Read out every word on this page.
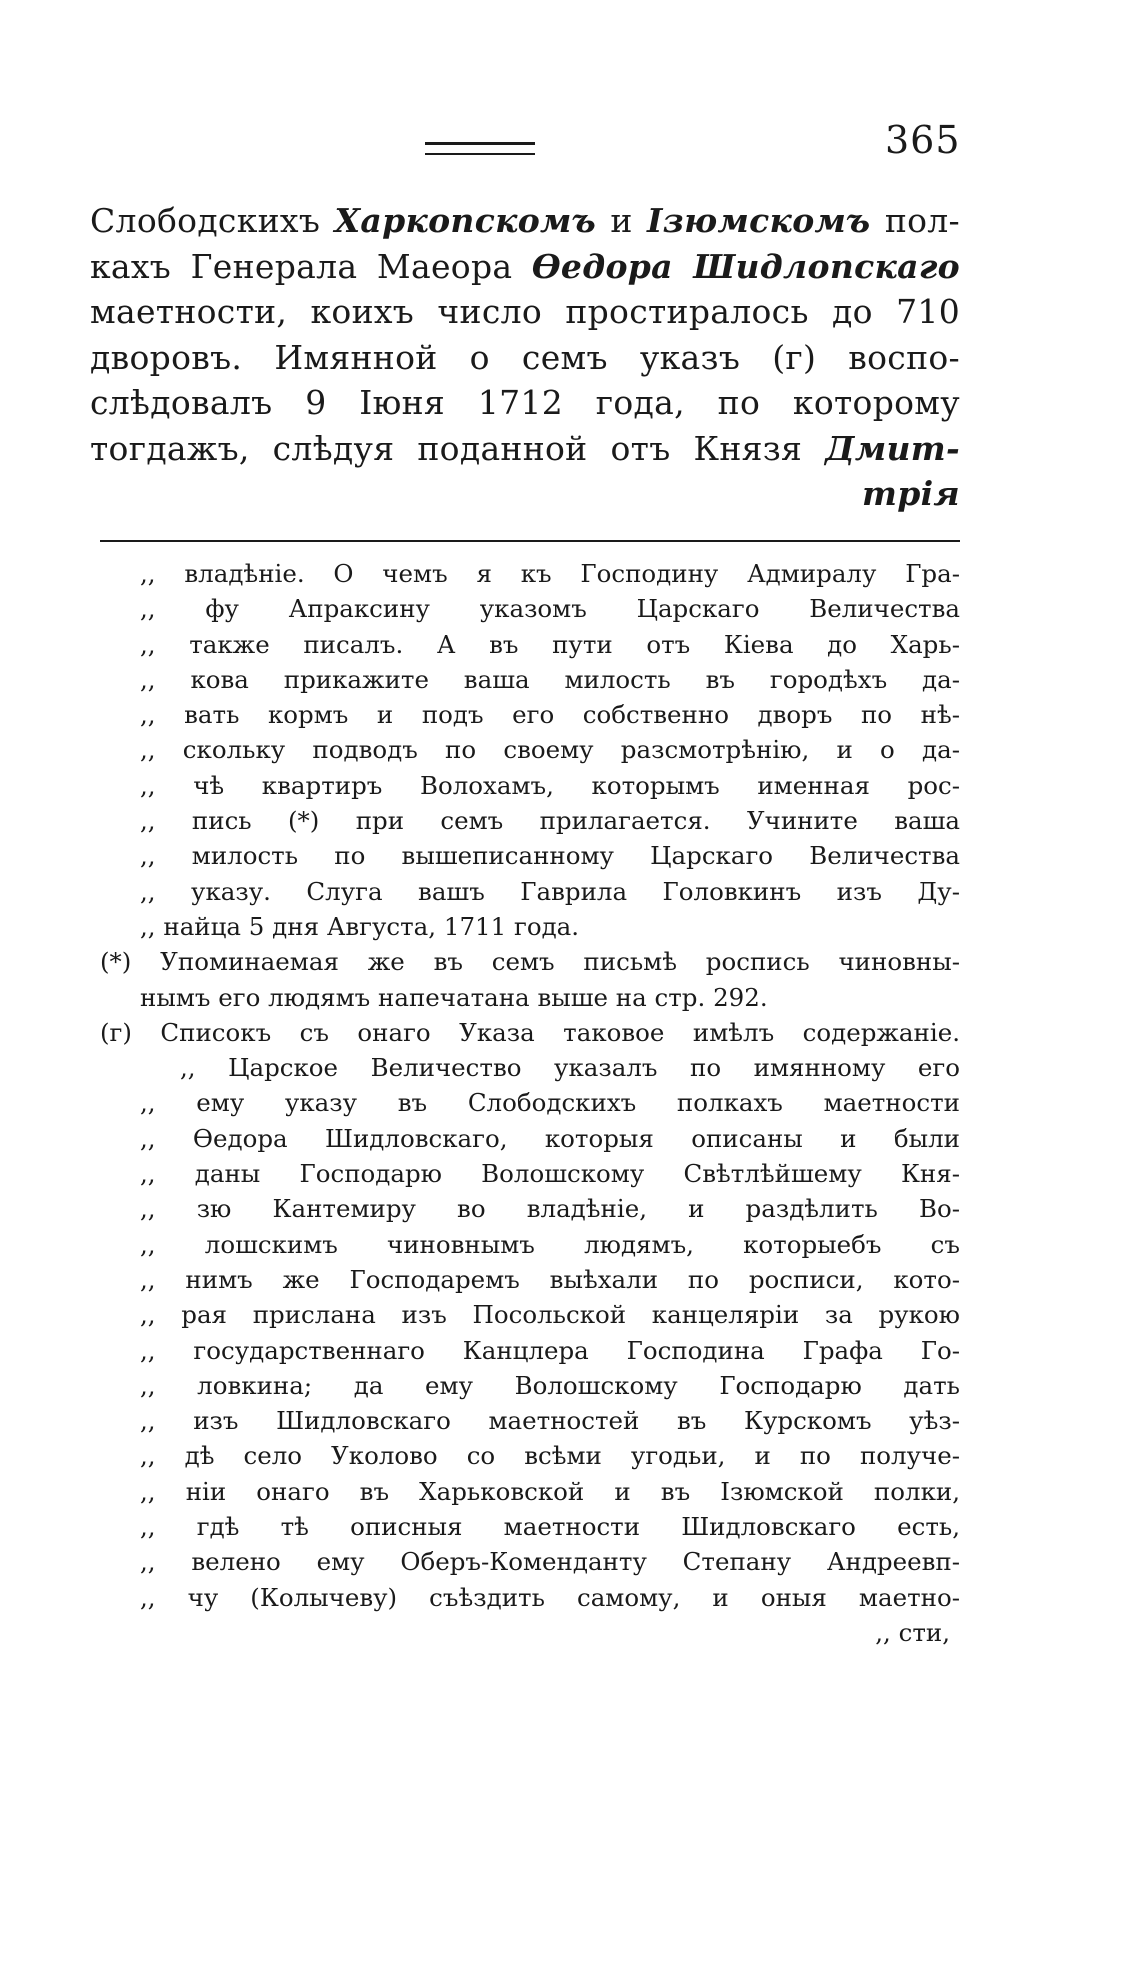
365
Слободскихъ Харкопскомъ и Ізюмскомъ пол-
кахъ Генерала Маеора Ѳедора Шидлопскаго
маетности, коихъ число простиралось до 710
дворовъ. Имянной о семъ указъ (г) воспо-
слѣдовалъ 9 Іюня 1712 года, по которому
тогдажъ, слѣдуя поданной отъ Князя Дмит-
трія
,, владѣніе. О чемъ я къ Господину Адмиралу Гра-
,, фу Апраксину указомъ Царскаго Величества
,, также писалъ. А въ пути отъ Кіева до Харь-
,, кова прикажите ваша милость въ городѣхъ да-
,, вать кормъ и подъ его собственно дворъ по нѣ-
,, скольку подводъ по своему разсмотрѣнію, и о да-
,, чѣ квартиръ Волохамъ, которымъ именная рос-
,, пись (*) при семъ прилагается. Учините ваша
,, милость по вышеписанному Царскаго Величества
,, указу. Слуга вашъ Гаврила Головкинъ изъ Ду-
,, найца 5 дня Августа, 1711 года.
(*) Упоминаемая же въ семъ письмѣ роспись чиновны-
нымъ его людямъ напечатана выше на стр. 292.
(г) Списокъ съ онаго Указа таковое имѣлъ содержаніе.
,, Царское Величество указалъ по имянному его
,, ему указу въ Слободскихъ полкахъ маетности
,, Ѳедора Шидловскаго, которыя описаны и были
,, даны Господарю Волошскому Свѣтлѣйшему Кня-
,, зю Кантемиру во владѣніе, и раздѣлить Во-
,, лошскимъ чиновнымъ людямъ, которыебъ съ
,, нимъ же Господаремъ выѣхали по росписи, кото-
,, рая прислана изъ Посольской канцеляріи за рукою
,, государственнаго Канцлера Господина Графа Го-
,, ловкина; да ему Волошскому Господарю дать
,, изъ Шидловскаго маетностей въ Курскомъ уѣз-
,, дѣ село Уколово со всѣми угодьи, и по получе-
,, ніи онаго въ Харьковской и въ Ізюмской полки,
,, гдѣ тѣ описныя маетности Шидловскаго есть,
,, велено ему Оберъ-Коменданту Степану Андреевп-
,, чу (Колычеву) съѣздить самому, и оныя маетно-
,, сти,
